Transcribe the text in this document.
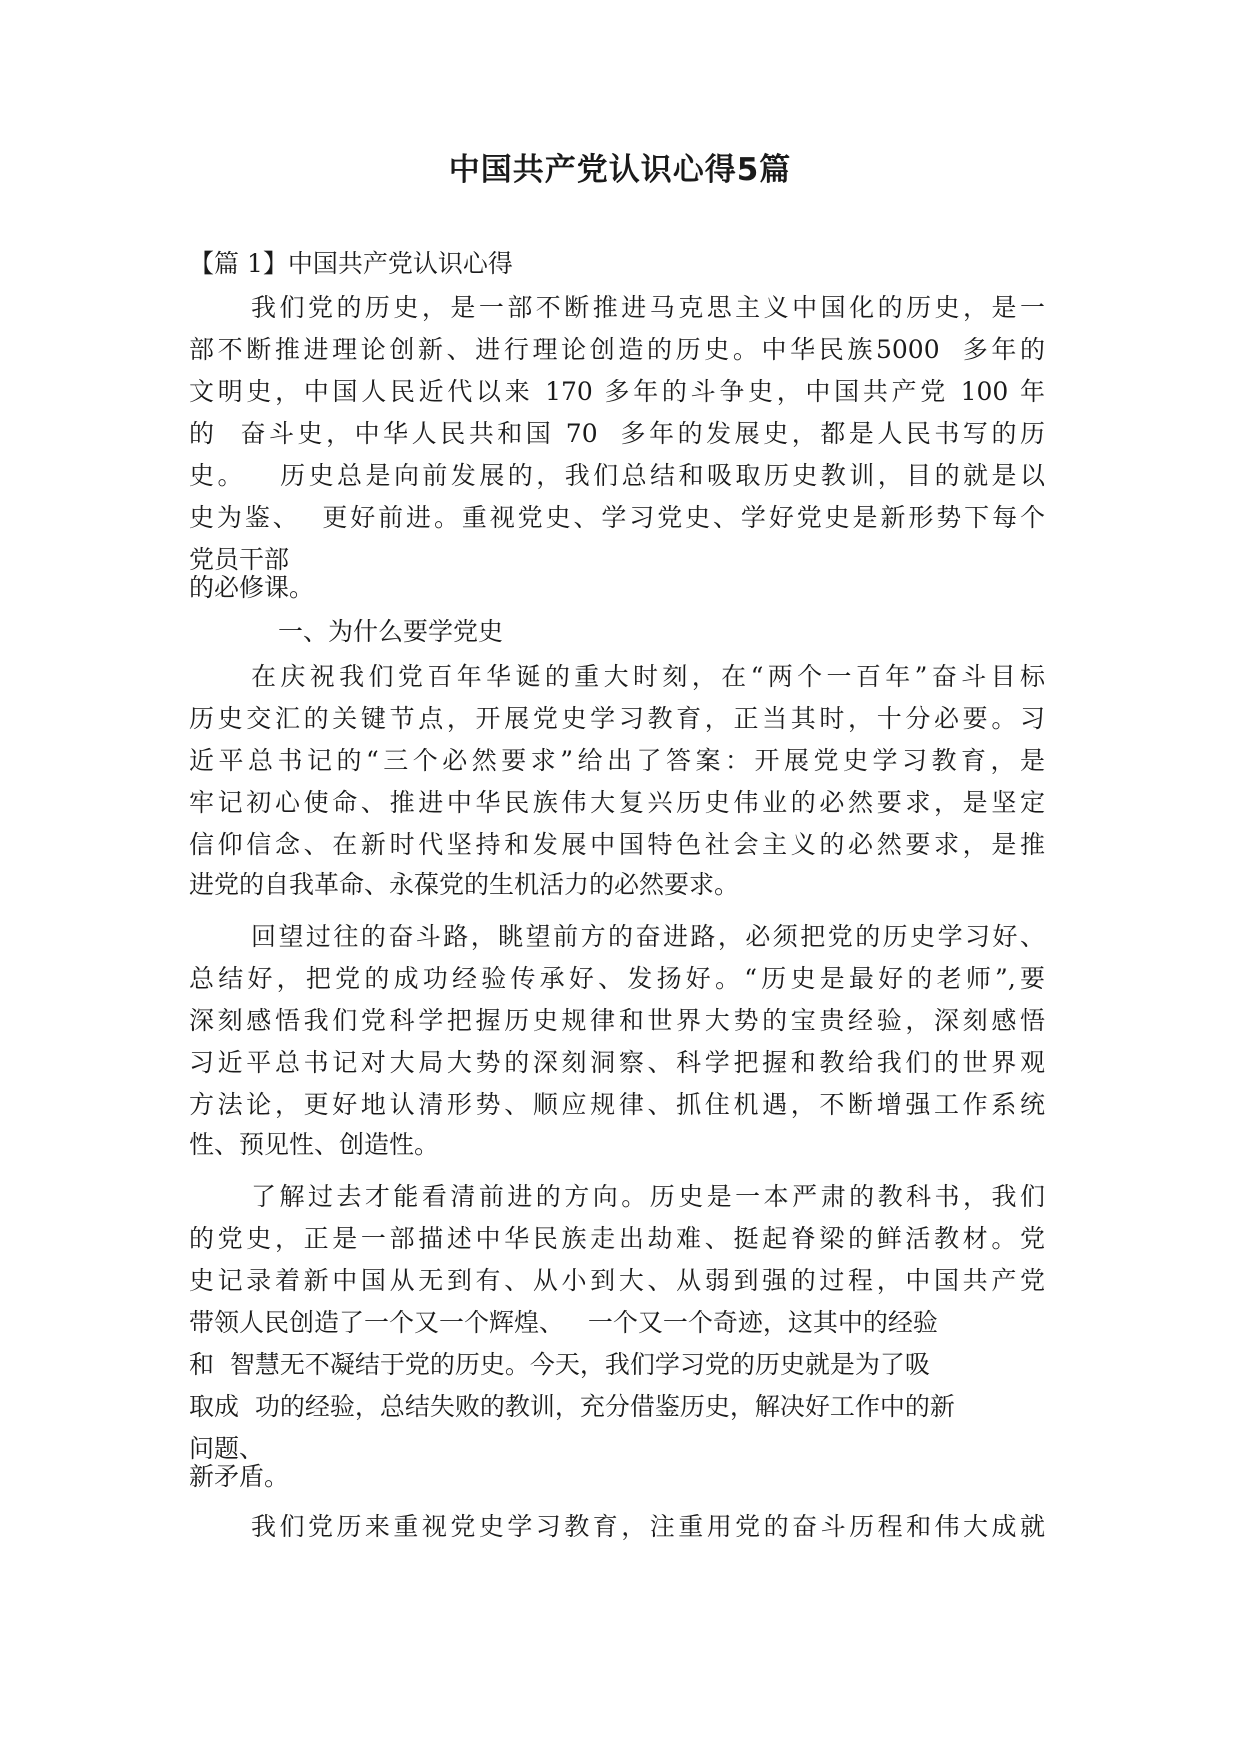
中国共产党认识心得5篇
【篇 1】中国共产党认识心得
我们党的历史，是一部不断推进马克思主义中国化的历史，是一
部不断推进理论创新、进行理论创造的历史。中华民族5000  多年的
文明史，中国人民近代以来 170 多年的斗争史，中国共产党 100 年
的  奋斗史，中华人民共和国 70  多年的发展史，都是人民书写的历
史。   历史总是向前发展的，我们总结和吸取历史教训，目的就是以
史为鉴、  更好前进。重视党史、学习党史、学好党史是新形势下每个
党员干部
的必修课。
一、为什么要学党史
在庆祝我们党百年华诞的重大时刻，在“两个一百年”奋斗目标
历史交汇的关键节点，开展党史学习教育，正当其时，十分必要。习
近平总书记的“三个必然要求”给出了答案：开展党史学习教育，是
牢记初心使命、推进中华民族伟大复兴历史伟业的必然要求，是坚定
信仰信念、在新时代坚持和发展中国特色社会主义的必然要求，是推
进党的自我革命、永葆党的生机活力的必然要求。
回望过往的奋斗路，眺望前方的奋进路，必须把党的历史学习好、
总结好，把党的成功经验传承好、发扬好。“历史是最好的老师”,要
深刻感悟我们党科学把握历史规律和世界大势的宝贵经验，深刻感悟
习近平总书记对大局大势的深刻洞察、科学把握和教给我们的世界观
方法论，更好地认清形势、顺应规律、抓住机遇，不断增强工作系统
性、预见性、创造性。
了解过去才能看清前进的方向。历史是一本严肃的教科书，我们
的党史，正是一部描述中华民族走出劫难、挺起脊梁的鲜活教材。党
史记录着新中国从无到有、从小到大、从弱到强的过程，中国共产党
带领人民创造了一个又一个辉煌、   一个又一个奇迹，这其中的经验
和  智慧无不凝结于党的历史。今天，我们学习党的历史就是为了吸
取成  功的经验，总结失败的教训，充分借鉴历史，解决好工作中的新
问题、
新矛盾。
我们党历来重视党史学习教育，注重用党的奋斗历程和伟大成就
